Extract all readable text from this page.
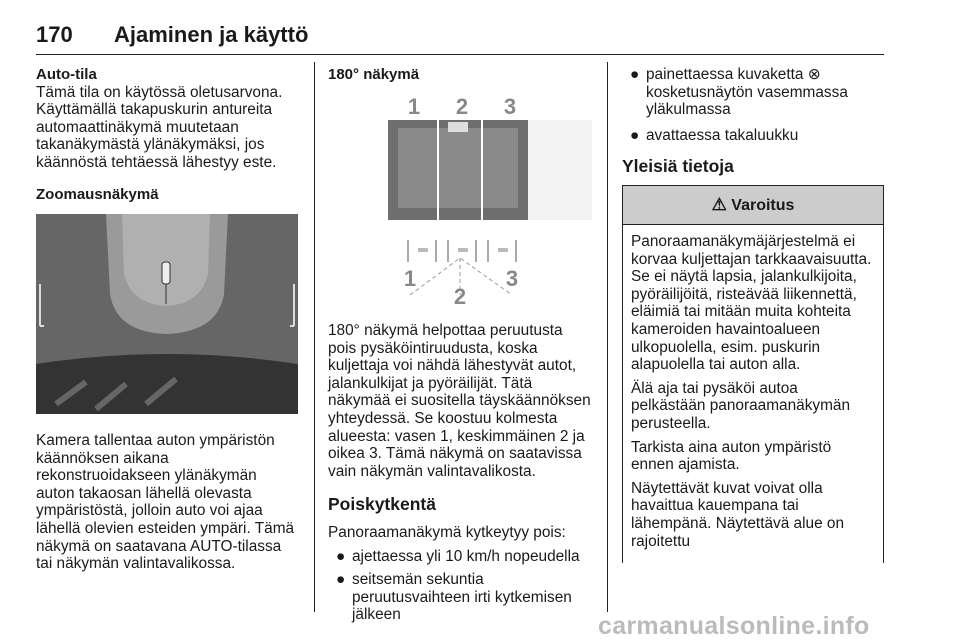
170 Ajaminen ja käyttö

Auto-tila

Tämä tila on käytössä oletusarvona. Käyttämällä takapuskurin antureita automaattinäkymä muutetaan takanäkymästä ylänäkymäksi, jos käännöstä tehtäessä lähestyy este.

Zoomausnäkymä

Kamera tallentaa auton ympäristön käännöksen aikana rekonstruoidakseen ylänäkymän auton takaosan lähellä olevasta ympäristöstä, jolloin auto voi ajaa lähellä olevien esteiden ympäri. Tämä näkymä on saatavana AUTO-tilassa tai näkymän valintavalikossa.

180° näkymä

1 2 3
1
2
3

180° näkymä helpottaa peruutusta pois pysäköintiruudusta, koska kuljettaja voi nähdä lähestyvät autot, jalankulkijat ja pyöräilijät. Tätä näkymää ei suositella täyskäännöksen yhteydessä. Se koostuu kolmesta alueesta: vasen 1, keskimmäinen 2 ja oikea 3. Tämä näkymä on saatavissa vain näkymän valintavalikosta.

Poiskytkentä

Panoraamanäkymä kytkeytyy pois:

● ajettaessa yli 10 km/h nopeudella
● seitsemän sekuntia peruutusvaihteen irti kytkemisen jälkeen
● painettaessa kuvaketta ⊗ kosketusnäytön vasemmassa yläkulmassa
● avattaessa takaluukku

Yleisiä tietoja

⚠ Varoitus

Panoraamanäkymäjärjestelmä ei korvaa kuljettajan tarkkaavaisuutta. Se ei näytä lapsia, jalankulkijoita, pyöräilijöitä, risteävää liikennettä, eläimiä tai mitään muita kohteita kameroiden havaintoalueen ulkopuolella, esim. puskurin alapuolella tai auton alla.

Älä aja tai pysäköi autoa pelkästään panoraamanäkymän perusteella.

Tarkista aina auton ympäristö ennen ajamista.

Näytettävät kuvat voivat olla havaittua kauempana tai lähempänä. Näytettävä alue on rajoitettu

carmanualsonline.info
